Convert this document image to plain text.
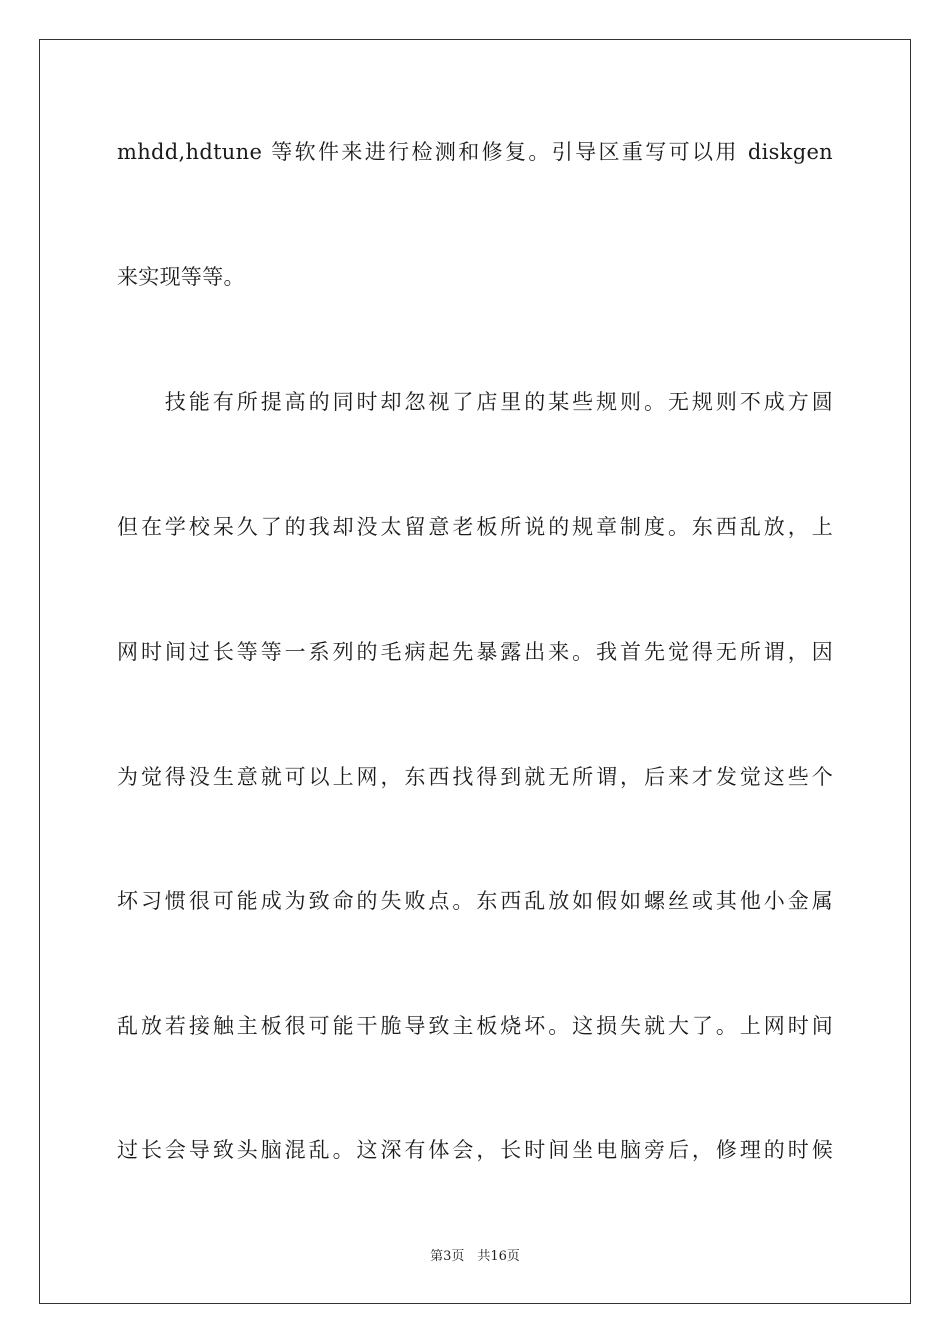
mhdd,hdtune 等软件来进行检测和修复。引导区重写可以用 diskgen
来实现等等。
　　技能有所提高的同时却忽视了店里的某些规则。无规则不成方圆
但在学校呆久了的我却没太留意老板所说的规章制度。东西乱放，上
网时间过长等等一系列的毛病起先暴露出来。我首先觉得无所谓，因
为觉得没生意就可以上网，东西找得到就无所谓，后来才发觉这些个
坏习惯很可能成为致命的失败点。东西乱放如假如螺丝或其他小金属
乱放若接触主板很可能干脆导致主板烧坏。这损失就大了。上网时间
过长会导致头脑混乱。这深有体会，长时间坐电脑旁后，修理的时候
第3页　共16页
